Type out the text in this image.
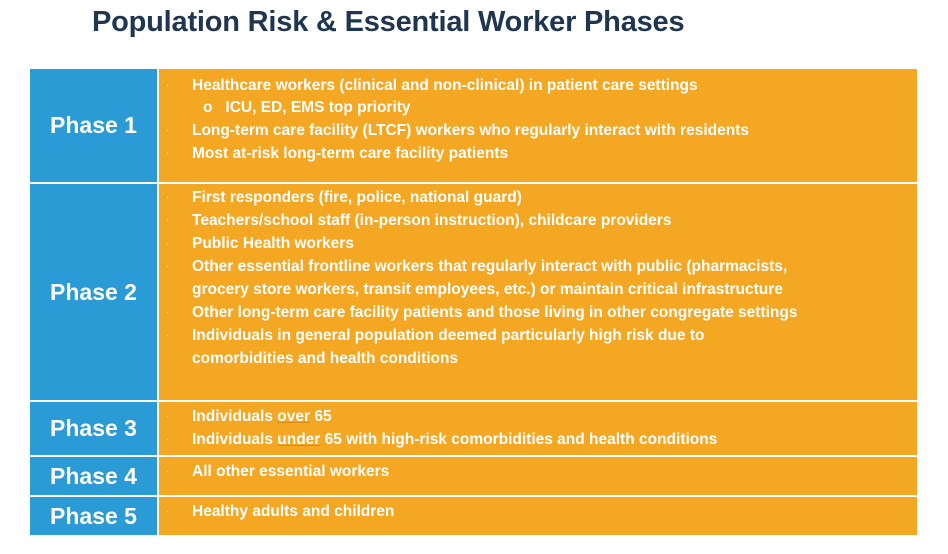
Population Risk & Essential Worker Phases
Phase 1
· Healthcare workers (clinical and non-clinical) in patient care settings
o ICU, ED, EMS top priority
· Long-term care facility (LTCF) workers who regularly interact with residents
· Most at-risk long-term care facility patients
Phase 2
· First responders (fire, police, national guard)
· Teachers/school staff (in-person instruction), childcare providers
· Public Health workers
· Other essential frontline workers that regularly interact with public (pharmacists,
grocery store workers, transit employees, etc.) or maintain critical infrastructure
· Other long-term care facility patients and those living in other congregate settings
· Individuals in general population deemed particularly high risk due to
comorbidities and health conditions
Phase 3	· Individuals over 65
· Individuals under 65 with high-risk comorbidities and health conditions
Phase 4	· All other essential workers
Phase 5	· Healthy adults and children
